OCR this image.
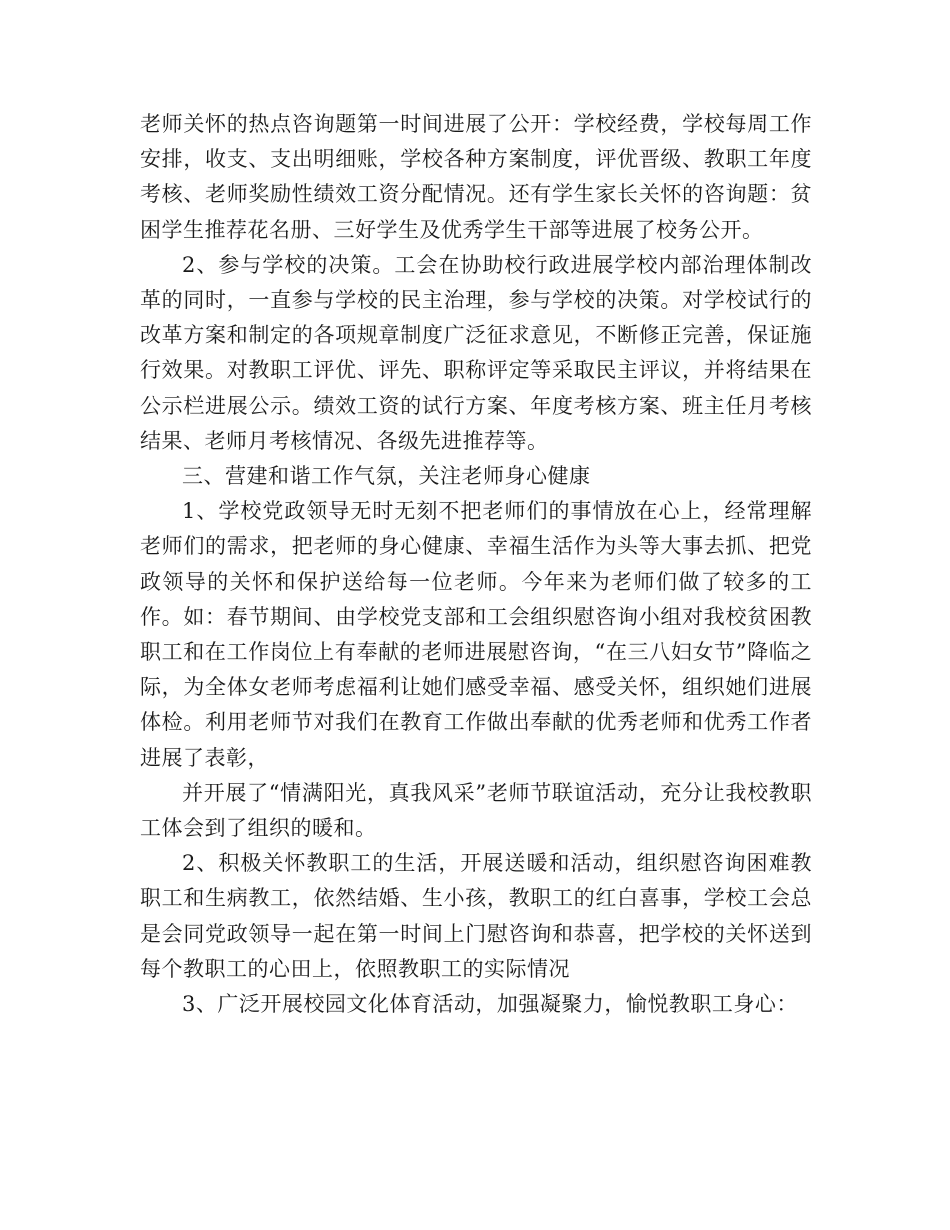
老师关怀的热点咨询题第一时间进展了公开：学校经费，学校每周工作安排，收支、支出明细账，学校各种方案制度，评优晋级、教职工年度考核、老师奖励性绩效工资分配情况。还有学生家长关怀的咨询题：贫困学生推荐花名册、三好学生及优秀学生干部等进展了校务公开。

2、参与学校的决策。工会在协助校行政进展学校内部治理体制改革的同时，一直参与学校的民主治理，参与学校的决策。对学校试行的改革方案和制定的各项规章制度广泛征求意见，不断修正完善，保证施行效果。对教职工评优、评先、职称评定等采取民主评议，并将结果在公示栏进展公示。绩效工资的试行方案、年度考核方案、班主任月考核结果、老师月考核情况、各级先进推荐等。

三、营建和谐工作气氛，关注老师身心健康

1、学校党政领导无时无刻不把老师们的事情放在心上，经常理解老师们的需求，把老师的身心健康、幸福生活作为头等大事去抓、把党政领导的关怀和保护送给每一位老师。今年来为老师们做了较多的工作。如：春节期间、由学校党支部和工会组织慰咨询小组对我校贫困教职工和在工作岗位上有奉献的老师进展慰咨询，“在三八妇女节”降临之际，为全体女老师考虑福利让她们感受幸福、感受关怀，组织她们进展体检。利用老师节对我们在教育工作做出奉献的优秀老师和优秀工作者进展了表彰，

并开展了“情满阳光，真我风采”老师节联谊活动，充分让我校教职工体会到了组织的暖和。

2、积极关怀教职工的生活，开展送暖和活动，组织慰咨询困难教职工和生病教工，依然结婚、生小孩，教职工的红白喜事，学校工会总是会同党政领导一起在第一时间上门慰咨询和恭喜，把学校的关怀送到每个教职工的心田上，依照教职工的实际情况

3、广泛开展校园文化体育活动，加强凝聚力，愉悦教职工身心：
